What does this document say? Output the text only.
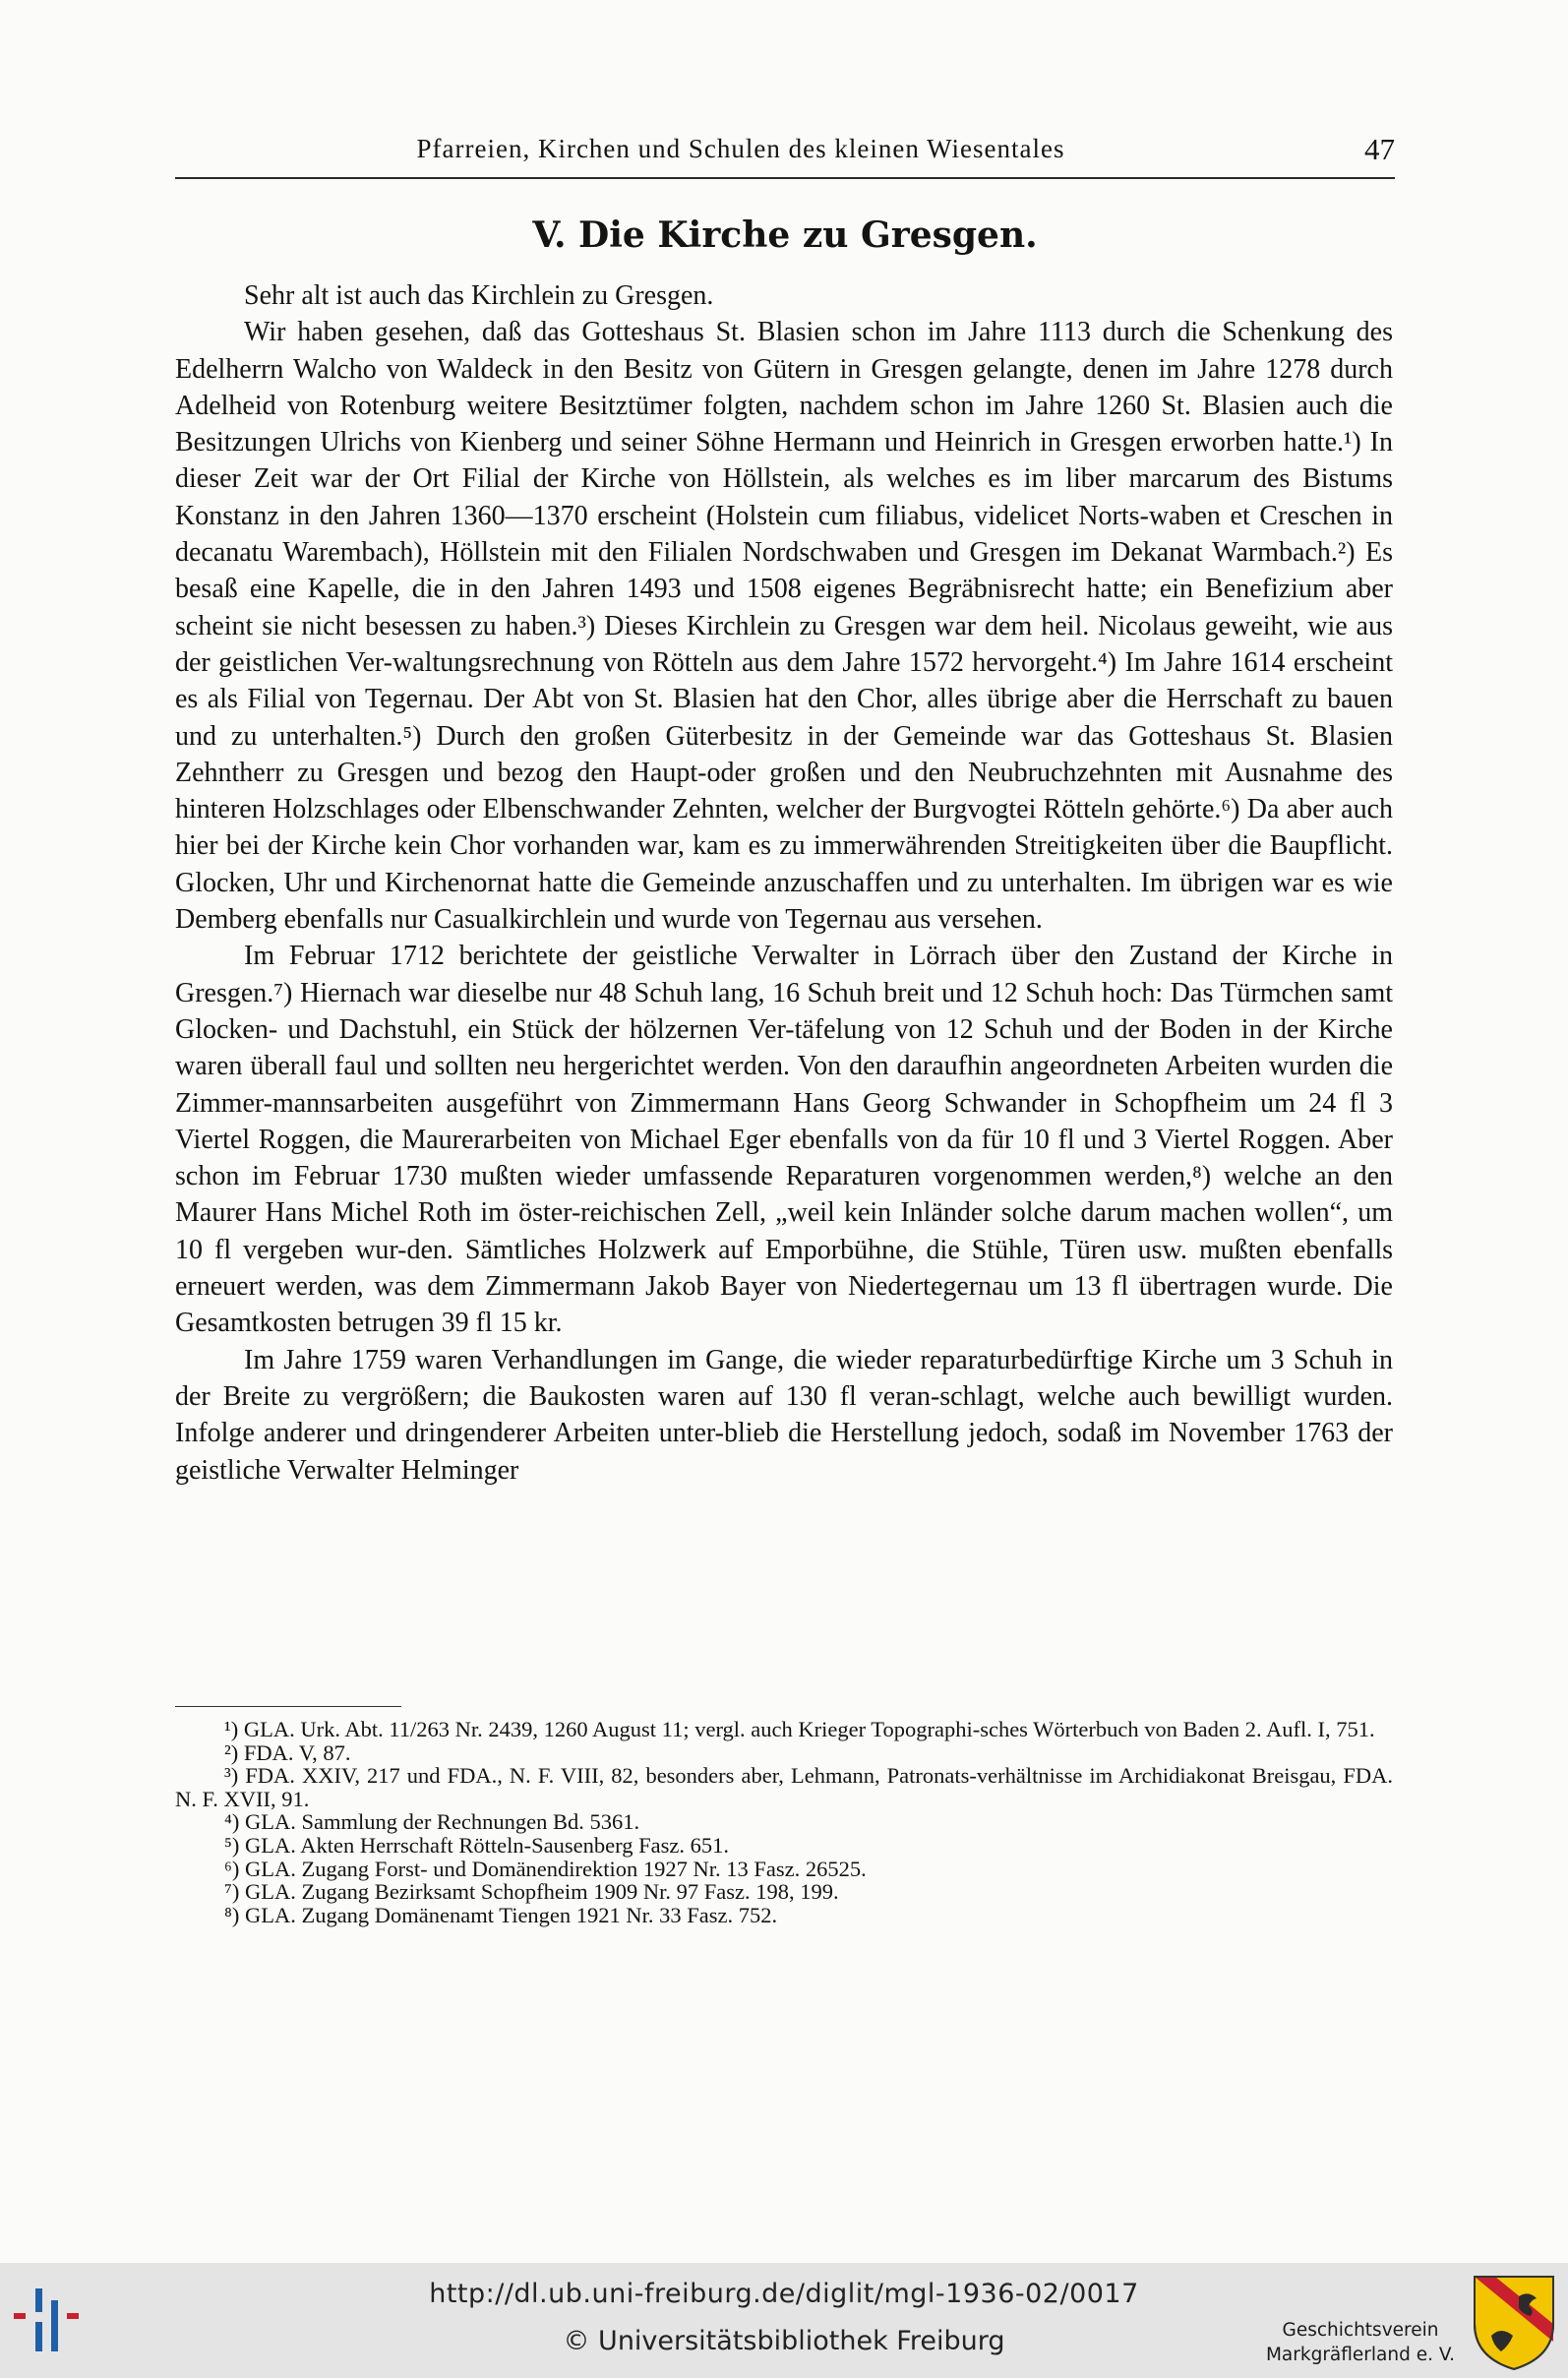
Pfarreien, Kirchen und Schulen des kleinen Wiesentales	47
V. Die Kirche zu Gresgen.

Sehr alt ist auch das Kirchlein zu Gresgen.

Wir haben gesehen, daß das Gotteshaus St. Blasien schon im Jahre 1113 durch die Schenkung des Edelherrn Walcho von Waldeck in den Besitz von Gütern in Gresgen gelangte, denen im Jahre 1278 durch Adelheid von Rotenburg weitere Besitztümer folgten, nachdem schon im Jahre 1260 St. Blasien auch die Besitzungen Ulrichs von Kienberg und seiner Söhne Hermann und Heinrich in Gresgen erworben hatte.¹) In dieser Zeit war der Ort Filial der Kirche von Höllstein, als welches es im liber marcarum des Bistums Konstanz in den Jahren 1360—1370 erscheint (Holstein cum filiabus, videlicet Norts-waben et Creschen in decanatu Warembach), Höllstein mit den Filialen Nordschwaben und Gresgen im Dekanat Warmbach.²) Es besaß eine Kapelle, die in den Jahren 1493 und 1508 eigenes Begräbnisrecht hatte; ein Benefizium aber scheint sie nicht besessen zu haben.³) Dieses Kirchlein zu Gresgen war dem heil. Nicolaus geweiht, wie aus der geistlichen Ver-waltungsrechnung von Rötteln aus dem Jahre 1572 hervorgeht.⁴) Im Jahre 1614 erscheint es als Filial von Tegernau. Der Abt von St. Blasien hat den Chor, alles übrige aber die Herrschaft zu bauen und zu unterhalten.⁵) Durch den großen Güterbesitz in der Gemeinde war das Gotteshaus St. Blasien Zehntherr zu Gresgen und bezog den Haupt-oder großen und den Neubruchzehnten mit Ausnahme des hinteren Holzschlages oder Elbenschwander Zehnten, welcher der Burgvogtei Rötteln gehörte.⁶) Da aber auch hier bei der Kirche kein Chor vorhanden war, kam es zu immerwährenden Streitigkeiten über die Baupflicht. Glocken, Uhr und Kirchenornat hatte die Gemeinde anzuschaffen und zu unterhalten. Im übrigen war es wie Demberg ebenfalls nur Casualkirchlein und wurde von Tegernau aus versehen.

Im Februar 1712 berichtete der geistliche Verwalter in Lörrach über den Zustand der Kirche in Gresgen.⁷) Hiernach war dieselbe nur 48 Schuh lang, 16 Schuh breit und 12 Schuh hoch: Das Türmchen samt Glocken- und Dachstuhl, ein Stück der hölzernen Ver-täfelung von 12 Schuh und der Boden in der Kirche waren überall faul und sollten neu hergerichtet werden. Von den daraufhin angeordneten Arbeiten wurden die Zimmer-mannsarbeiten ausgeführt von Zimmermann Hans Georg Schwander in Schopfheim um 24 fl 3 Viertel Roggen, die Maurerarbeiten von Michael Eger ebenfalls von da für 10 fl und 3 Viertel Roggen. Aber schon im Februar 1730 mußten wieder umfassende Reparaturen vorgenommen werden,⁸) welche an den Maurer Hans Michel Roth im öster-reichischen Zell, „weil kein Inländer solche darum machen wollen“, um 10 fl vergeben wur-den. Sämtliches Holzwerk auf Emporbühne, die Stühle, Türen usw. mußten ebenfalls erneuert werden, was dem Zimmermann Jakob Bayer von Niedertegernau um 13 fl übertragen wurde. Die Gesamtkosten betrugen 39 fl 15 kr.

Im Jahre 1759 waren Verhandlungen im Gange, die wieder reparaturbedürftige Kirche um 3 Schuh in der Breite zu vergrößern; die Baukosten waren auf 130 fl veran-schlagt, welche auch bewilligt wurden. Infolge anderer und dringenderer Arbeiten unter-blieb die Herstellung jedoch, sodaß im November 1763 der geistliche Verwalter Helminger

¹) GLA. Urk. Abt. 11/263 Nr. 2439, 1260 August 11; vergl. auch Krieger Topographi-sches Wörterbuch von Baden 2. Aufl. I, 751.

²) FDA. V, 87.

³) FDA. XXIV, 217 und FDA., N. F. VIII, 82, besonders aber, Lehmann, Patronats-verhältnisse im Archidiakonat Breisgau, FDA. N. F. XVII, 91.

⁴) GLA. Sammlung der Rechnungen Bd. 5361.

⁵) GLA. Akten Herrschaft Rötteln-Sausenberg Fasz. 651.

⁶) GLA. Zugang Forst- und Domänendirektion 1927 Nr. 13 Fasz. 26525.

⁷) GLA. Zugang Bezirksamt Schopfheim 1909 Nr. 97 Fasz. 198, 199.

⁸) GLA. Zugang Domänenamt Tiengen 1921 Nr. 33 Fasz. 752.

http://dl.ub.uni-freiburg.de/diglit/mgl-1936-02/0017
© Universitätsbibliothek Freiburg	Geschichtsverein
Markgräflerland e. V.
